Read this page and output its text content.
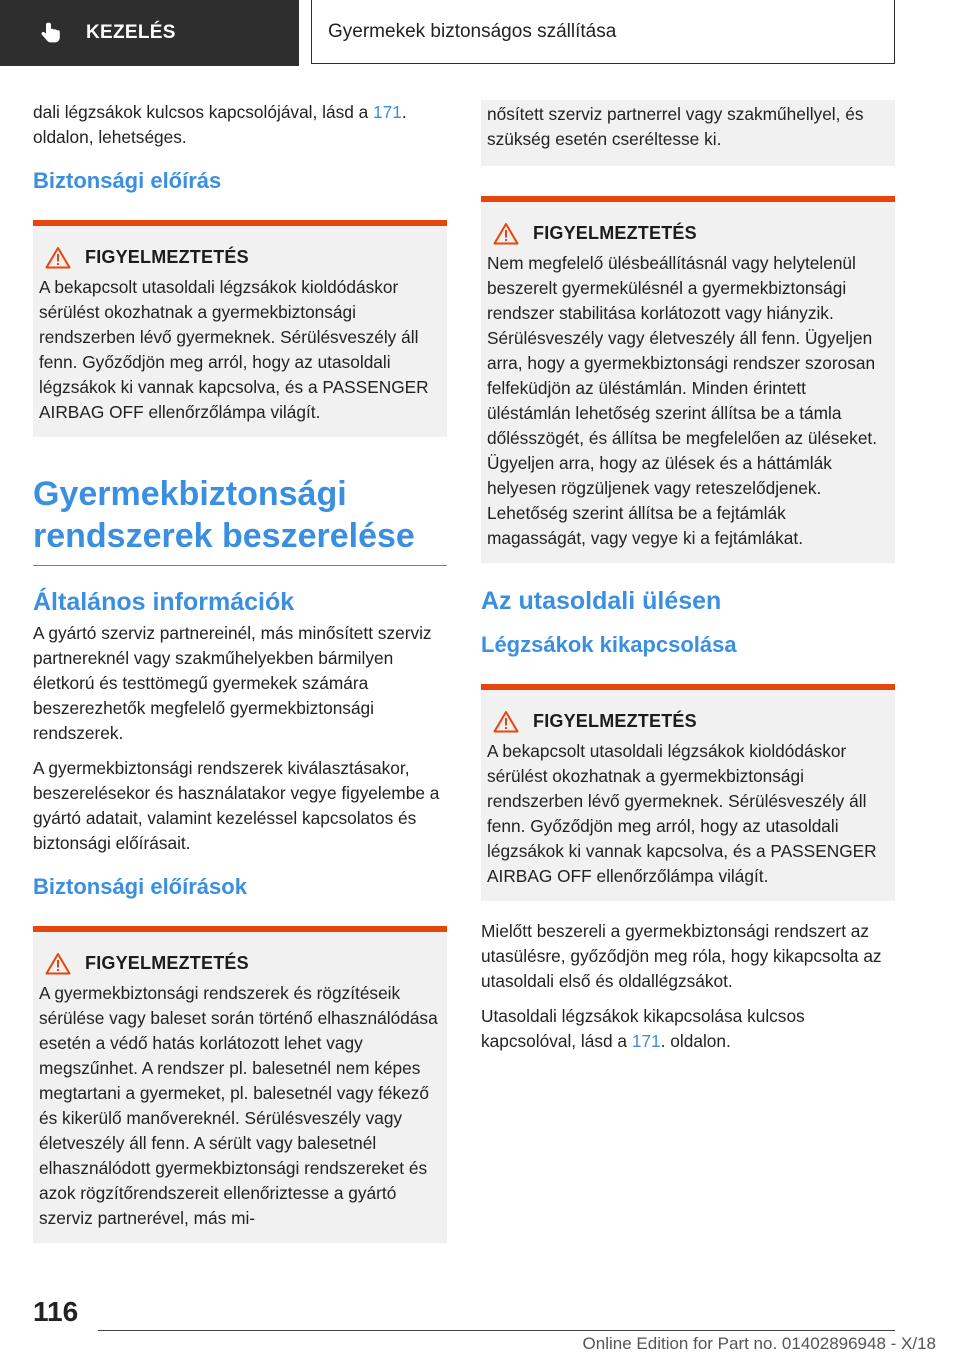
KEZELÉS	Gyermekek biztonságos szállítása

dali légzsákok kulcsos kapcsolójával, lásd a 171. oldalon, lehetséges.

Biztonsági előírás
FIGYELMEZTETÉS

A bekapcsolt utasoldali légzsákok kioldódáskor sérülést okozhatnak a gyermekbiztonsági rendszerben lévő gyermeknek. Sérülésveszély áll fenn. Győződjön meg arról, hogy az utasoldali légzsákok ki vannak kapcsolva, és a PASSENGER AIRBAG OFF ellenőrzőlámpa világít.

Gyermekbiztonsági rendszerek beszerelése
Általános információk

A gyártó szerviz partnereinél, más minősített szerviz partnereknél vagy szakműhelyekben bármilyen életkorú és testtömegű gyermekek számára beszerezhetők megfelelő gyermekbiztonsági rendszerek.

A gyermekbiztonsági rendszerek kiválasztásakor, beszerelésekor és használatakor vegye figyelembe a gyártó adatait, valamint kezeléssel kapcsolatos és biztonsági előírásait.

Biztonsági előírások
FIGYELMEZTETÉS

A gyermekbiztonsági rendszerek és rögzítéseik sérülése vagy baleset során történő elhasználódása esetén a védő hatás korlátozott lehet vagy megszűnhet. A rendszer pl. balesetnél nem képes megtartani a gyermeket, pl. balesetnél vagy fékező és kikerülő manővereknél. Sérülésveszély vagy életveszély áll fenn. A sérült vagy balesetnél elhasználódott gyermekbiztonsági rendszereket és azok rögzítőrendszereit ellenőriztesse a gyártó szerviz partnerével, más mi-

nősített szerviz partnerrel vagy szakműhellyel, és szükség esetén cseréltesse ki.

FIGYELMEZTETÉS

Nem megfelelő ülésbeállításnál vagy helytelenül beszerelt gyermekülésnél a gyermekbiztonsági rendszer stabilitása korlátozott vagy hiányzik. Sérülésveszély vagy életveszély áll fenn. Ügyeljen arra, hogy a gyermekbiztonsági rendszer szorosan felfeküdjön az üléstámlán. Minden érintett üléstámlán lehetőség szerint állítsa be a támla dőlésszögét, és állítsa be megfelelően az üléseket. Ügyeljen arra, hogy az ülések és a háttámlák helyesen rögzüljenek vagy reteszelődjenek. Lehetőség szerint állítsa be a fejtámlák magasságát, vagy vegye ki a fejtámlákat.

Az utasoldali ülésen
Légzsákok kikapcsolása
FIGYELMEZTETÉS

A bekapcsolt utasoldali légzsákok kioldódáskor sérülést okozhatnak a gyermekbiztonsági rendszerben lévő gyermeknek. Sérülésveszély áll fenn. Győződjön meg arról, hogy az utasoldali légzsákok ki vannak kapcsolva, és a PASSENGER AIRBAG OFF ellenőrzőlámpa világít.

Mielőtt beszereli a gyermekbiztonsági rendszert az utasülésre, győződjön meg róla, hogy kikapcsolta az utasoldali első és oldallégzsákot.

Utasoldali légzsákok kikapcsolása kulcsos kapcsolóval, lásd a 171. oldalon.

116
Online Edition for Part no. 01402896948 - X/18
